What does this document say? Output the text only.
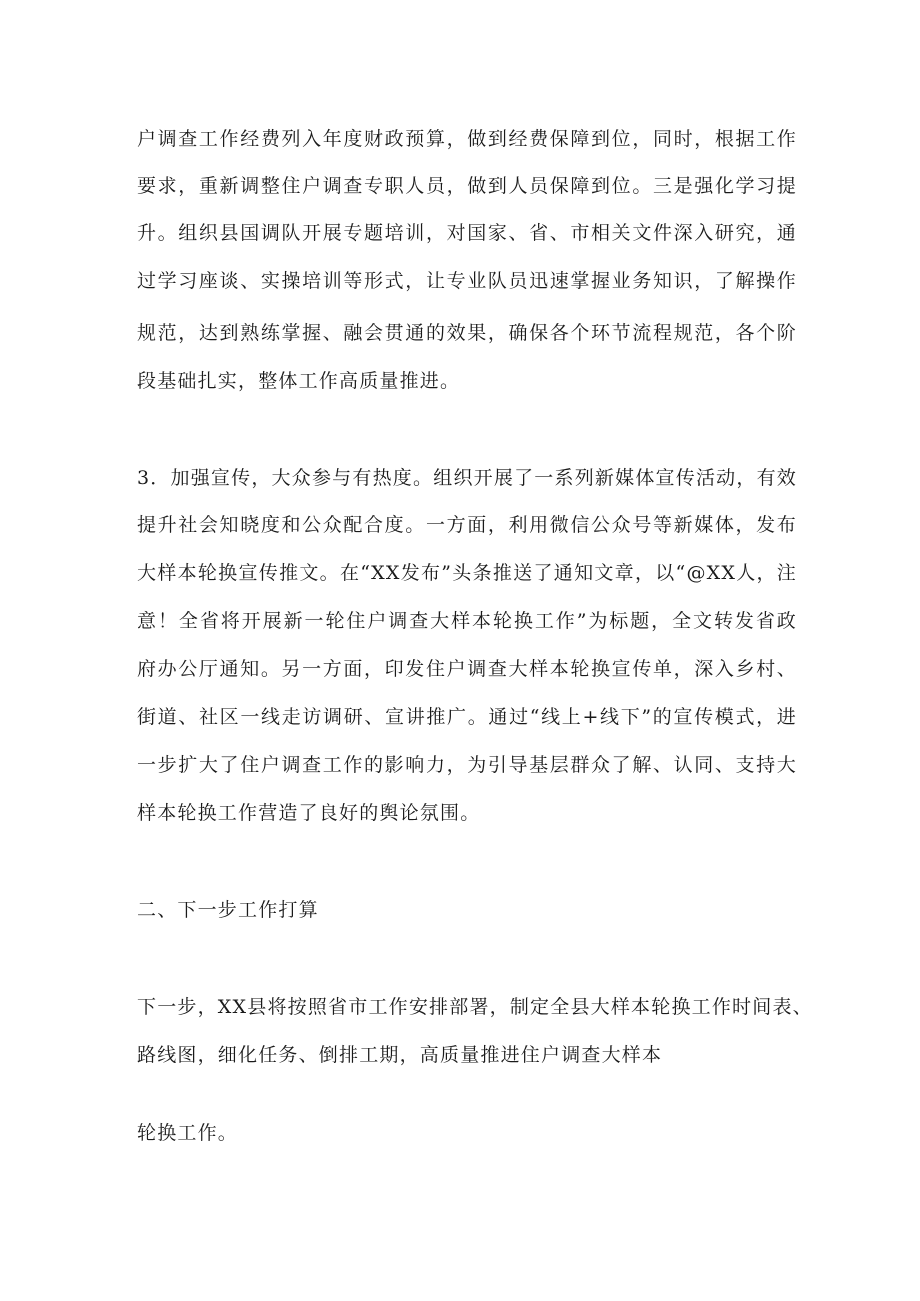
户调查工作经费列入年度财政预算，做到经费保障到位，同时，根据工作
要求，重新调整住户调查专职人员，做到人员保障到位。三是强化学习提
升。组织县国调队开展专题培训，对国家、省、市相关文件深入研究，通
过学习座谈、实操培训等形式，让专业队员迅速掌握业务知识，了解操作
规范，达到熟练掌握、融会贯通的效果，确保各个环节流程规范，各个阶
段基础扎实，整体工作高质量推进。
3．加强宣传，大众参与有热度。组织开展了一系列新媒体宣传活动，有效
提升社会知晓度和公众配合度。一方面，利用微信公众号等新媒体，发布
大样本轮换宣传推文。在“XX发布”头条推送了通知文章，以“@XX人，注
意！全省将开展新一轮住户调查大样本轮换工作”为标题，全文转发省政
府办公厅通知。另一方面，印发住户调查大样本轮换宣传单，深入乡村、
街道、社区一线走访调研、宣讲推广。通过“线上+线下”的宣传模式，进
一步扩大了住户调查工作的影响力，为引导基层群众了解、认同、支持大
样本轮换工作营造了良好的舆论氛围。
二、下一步工作打算
下一步，XX县将按照省市工作安排部署，制定全县大样本轮换工作时间表、
路线图，细化任务、倒排工期，高质量推进住户调查大样本
轮换工作。
